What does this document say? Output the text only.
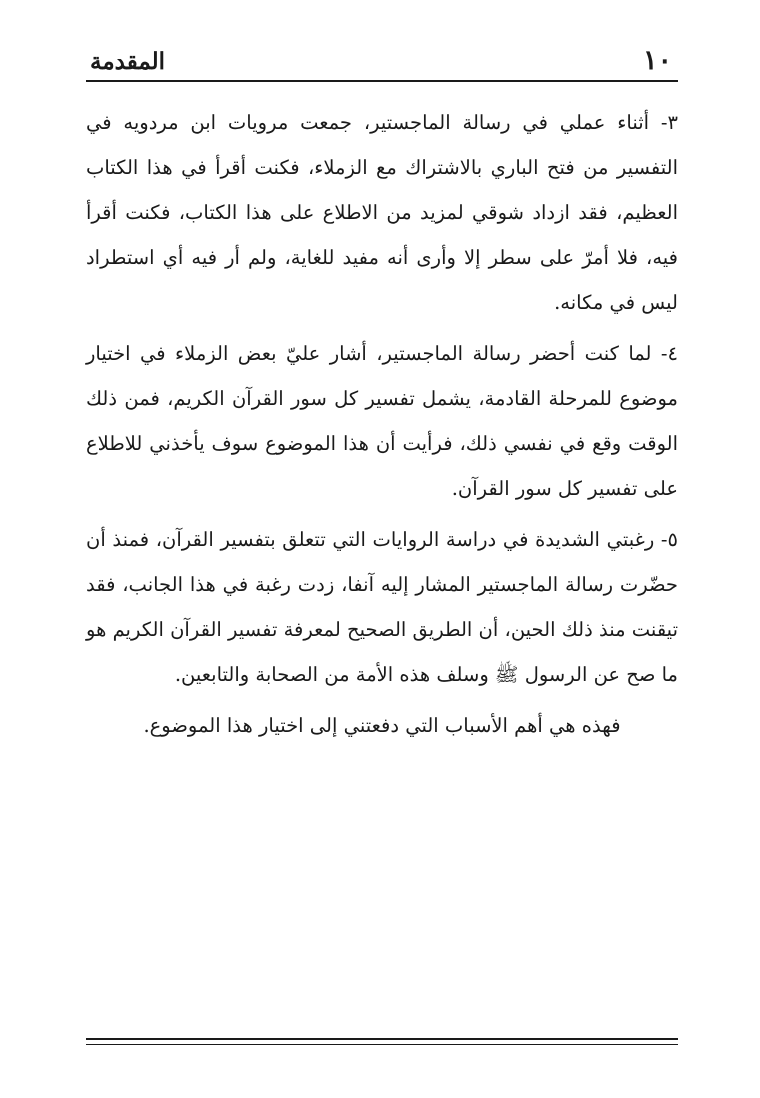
١٠
المقدمة

٣- أثناء عملي في رسالة الماجستير، جمعت مرويات ابن مردويه في التفسير من فتح الباري بالاشتراك مع الزملاء، فكنت أقرأ في هذا الكتاب العظيم، فقد ازداد شوقي لمزيد من الاطلاع على هذا الكتاب، فكنت أقرأ فيه، فلا أمرّ على سطر إلا وأرى أنه مفيد للغاية، ولم أر فيه أي استطراد ليس في مكانه.

٤- لما كنت أحضر رسالة الماجستير، أشار عليّ بعض الزملاء في اختيار موضوع للمرحلة القادمة، يشمل تفسير كل سور القرآن الكريم، فمن ذلك الوقت وقع في نفسي ذلك، فرأيت أن هذا الموضوع سوف يأخذني للاطلاع على تفسير كل سور القرآن.

٥- رغبتي الشديدة في دراسة الروايات التي تتعلق بتفسير القرآن، فمنذ أن حضّرت رسالة الماجستير المشار إليه آنفا، زدت رغبة في هذا الجانب، فقد تيقنت منذ ذلك الحين، أن الطريق الصحيح لمعرفة تفسير القرآن الكريم هو ما صح عن الرسول ﷺ وسلف هذه الأمة من الصحابة والتابعين.

فهذه هي أهم الأسباب التي دفعتني إلى اختيار هذا الموضوع.
